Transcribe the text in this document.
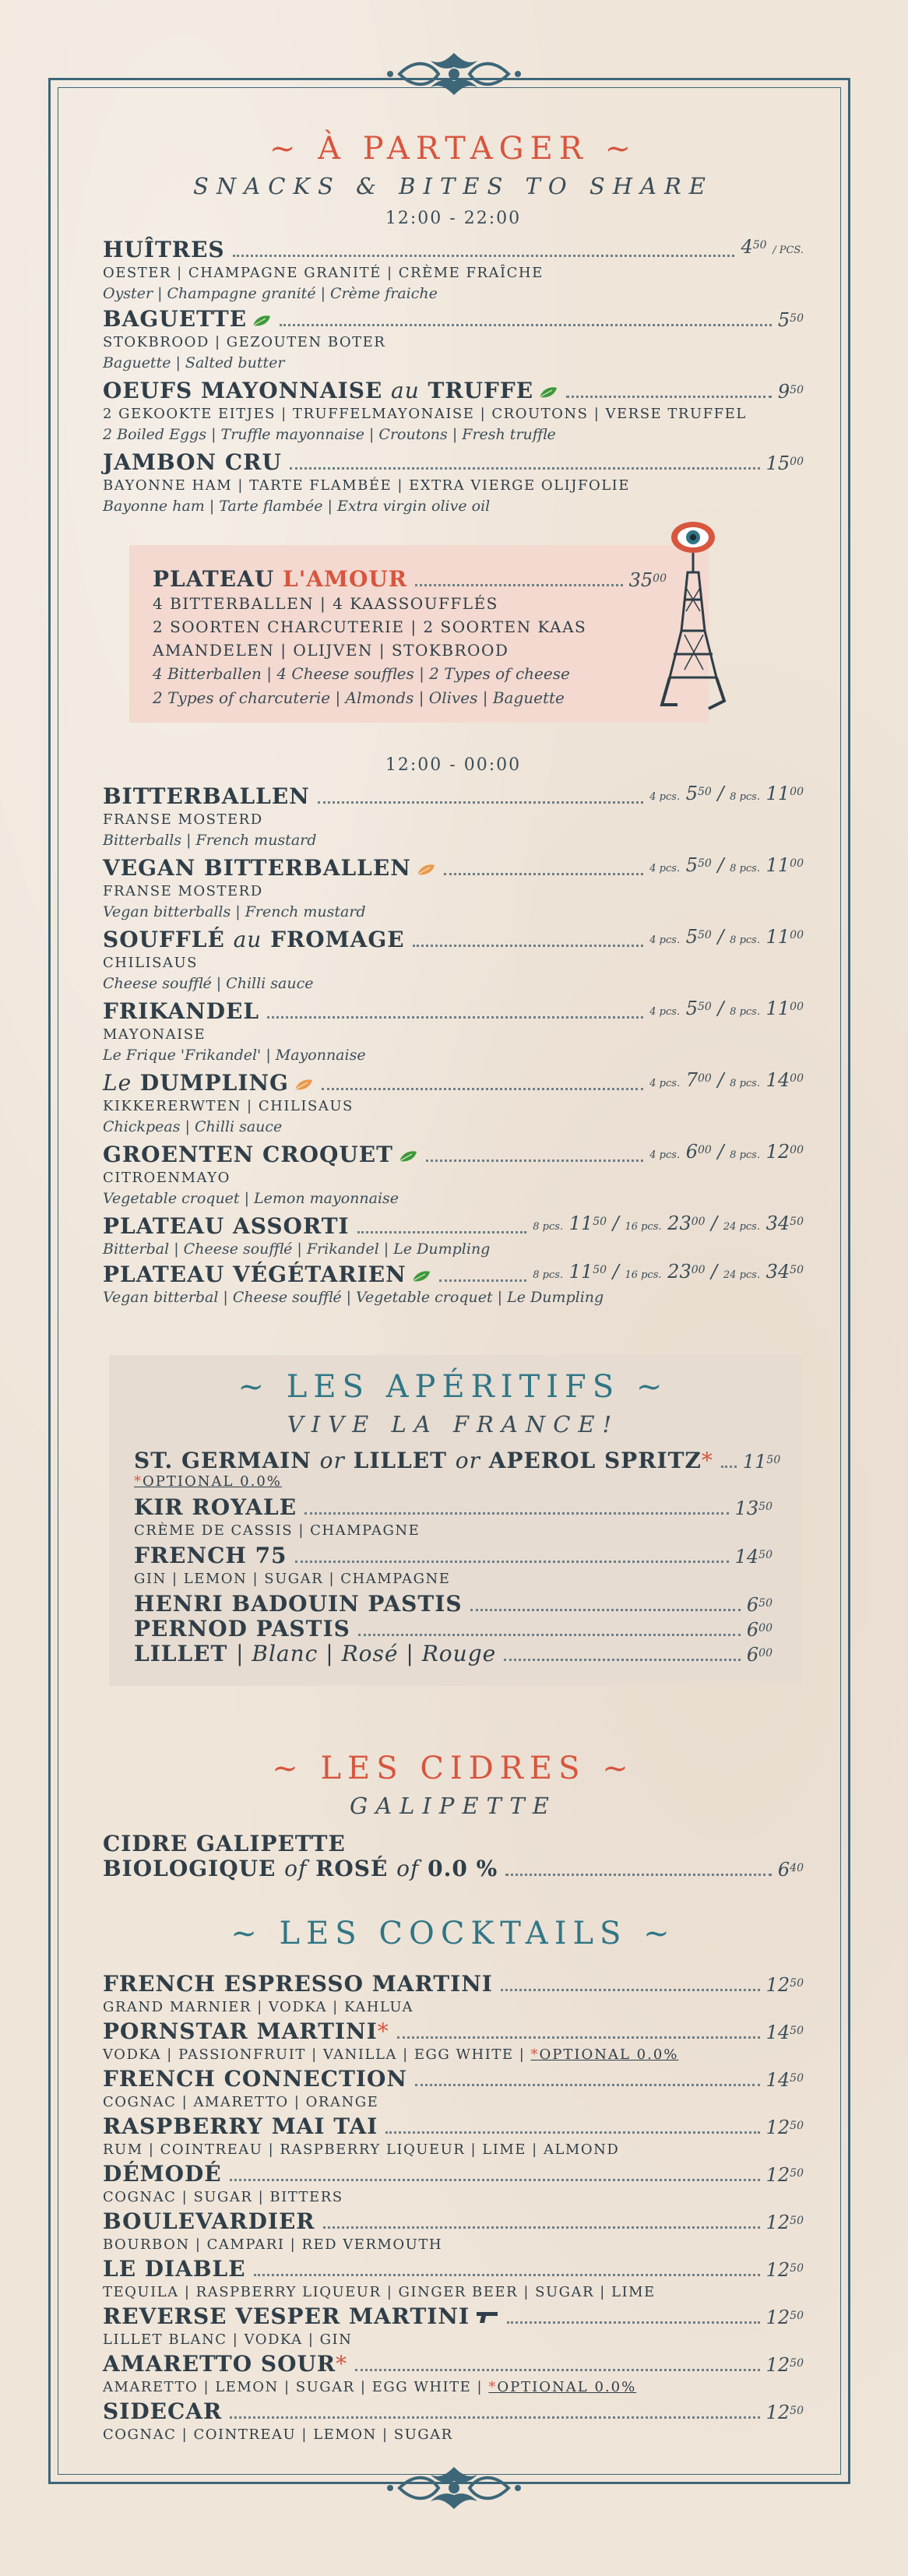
~ À PARTAGER ~
SNACKS & BITES TO SHARE
12:00 - 22:00
HUÎTRES	$4^{50}$ / PCS.
OESTER | CHAMPAGNE GRANITÉ | CRÈME FRAÎCHE
Oyster | Champagne granité | Crème fraiche
BAGUETTE	$5^{50}$
STOKBROOD | GEZOUTEN BOTER
Baguette | Salted butter
OEUFS MAYONNAISE au TRUFFE	$9^{50}$
2 GEKOOKTE EITJES | TRUFFELMAYONAISE | CROUTONS | VERSE TRUFFEL
2 Boiled Eggs | Truffle mayonnaise | Croutons | Fresh truffle
JAMBON CRU	$15^{00}$
BAYONNE HAM | TARTE FLAMBÉE | EXTRA VIERGE OLIJFOLIE
Bayonne ham | Tarte flambée | Extra virgin olive oil
PLATEAU L'AMOUR	$35^{00}$
4 BITTERBALLEN | 4 KAASSOUFFLÉS
2 SOORTEN CHARCUTERIE | 2 SOORTEN KAAS
AMANDELEN | OLIJVEN | STOKBROOD
4 Bitterballen | 4 Cheese souffles | 2 Types of cheese
2 Types of charcuterie | Almonds | Olives | Baguette
12:00 - 00:00
BITTERBALLEN	4 pcs. $5^{50} / 8$ pcs. $11^{00}$
FRANSE MOSTERD
Bitterballs | French mustard
VEGAN BITTERBALLEN	4 pcs. $5^{50} / 8$ pcs. $11^{00}$
FRANSE MOSTERD
Vegan bitterballs | French mustard
SOUFFLÉ au FROMAGE	4 pcs. $5^{50} / 8$ pcs. $11^{00}$
CHILISAUS
Cheese soufflé | Chilli sauce
FRIKANDEL	4 pcs. $5^{50} / 8$ pcs. $11^{00}$
MAYONAISE
Le Frique 'Frikandel' | Mayonnaise
Le DUMPLING	4 pcs. $7^{00} / 8$ pcs. $14^{00}$
KIKKERERWTEN | CHILISAUS
Chickpeas | Chilli sauce
GROENTEN CROQUET	4 pcs. $6^{00} / 8$ pcs. $12^{00}$
CITROENMAYO
Vegetable croquet | Lemon mayonnaise
PLATEAU ASSORTI	8 pcs. $11^{50} / 16$ pcs. $23^{00} / 24$ pcs. $34^{50}$
Bitterbal | Cheese soufflé | Frikandel | Le Dumpling
PLATEAU VÉGÉTARIEN	8 pcs. $11^{50} / 16$ pcs. $23^{00} / 24$ pcs. $34^{50}$
Vegan bitterbal | Cheese soufflé | Vegetable croquet | Le Dumpling
~ LES APÉRITIFS ~
VIVE LA FRANCE!
ST. GERMAIN or LILLET or APEROL SPRITZ* $11^{50}$
*OPTIONAL 0.0%
KIR ROYALE	$13^{50}$
CRÈME DE CASSIS | CHAMPAGNE
FRENCH 75	$14^{50}$
GIN | LEMON | SUGAR | CHAMPAGNE
HENRI BADOUIN PASTIS	$6^{50}$
PERNOD PASTIS	$6^{00}$
LILLET | Blanc | Rosé | Rouge	$6^{00}$
~ LES CIDRES ~
GALIPETTE
CIDRE GALIPETTE
BIOLOGIQUE of ROSÉ of 0.0 %	$6^{40}$
~ LES COCKTAILS ~
FRENCH ESPRESSO MARTINI	$12^{50}$
GRAND MARNIER | VODKA | KAHLUA
PORNSTAR MARTINI*	$14^{50}$
VODKA | PASSIONFRUIT | VANILLA | EGG WHITE | *OPTIONAL 0.0%
FRENCH CONNECTION	$14^{50}$
COGNAC | AMARETTO | ORANGE
RASPBERRY MAI TAI	$12^{50}$
RUM | COINTREAU | RASPBERRY LIQUEUR | LIME | ALMOND
DÉMODÉ	$12^{50}$
COGNAC | SUGAR | BITTERS
BOULEVARDIER	$12^{50}$
BOURBON | CAMPARI | RED VERMOUTH
LE DIABLE	$12^{50}$
TEQUILA | RASPBERRY LIQUEUR | GINGER BEER | SUGAR | LIME
REVERSE VESPER MARTINI	$12^{50}$
LILLET BLANC | VODKA | GIN
AMARETTO SOUR*	$12^{50}$
AMARETTO | LEMON | SUGAR | EGG WHITE | *OPTIONAL 0.0%
SIDECAR	$12^{50}$
COGNAC | COINTREAU | LEMON | SUGAR
